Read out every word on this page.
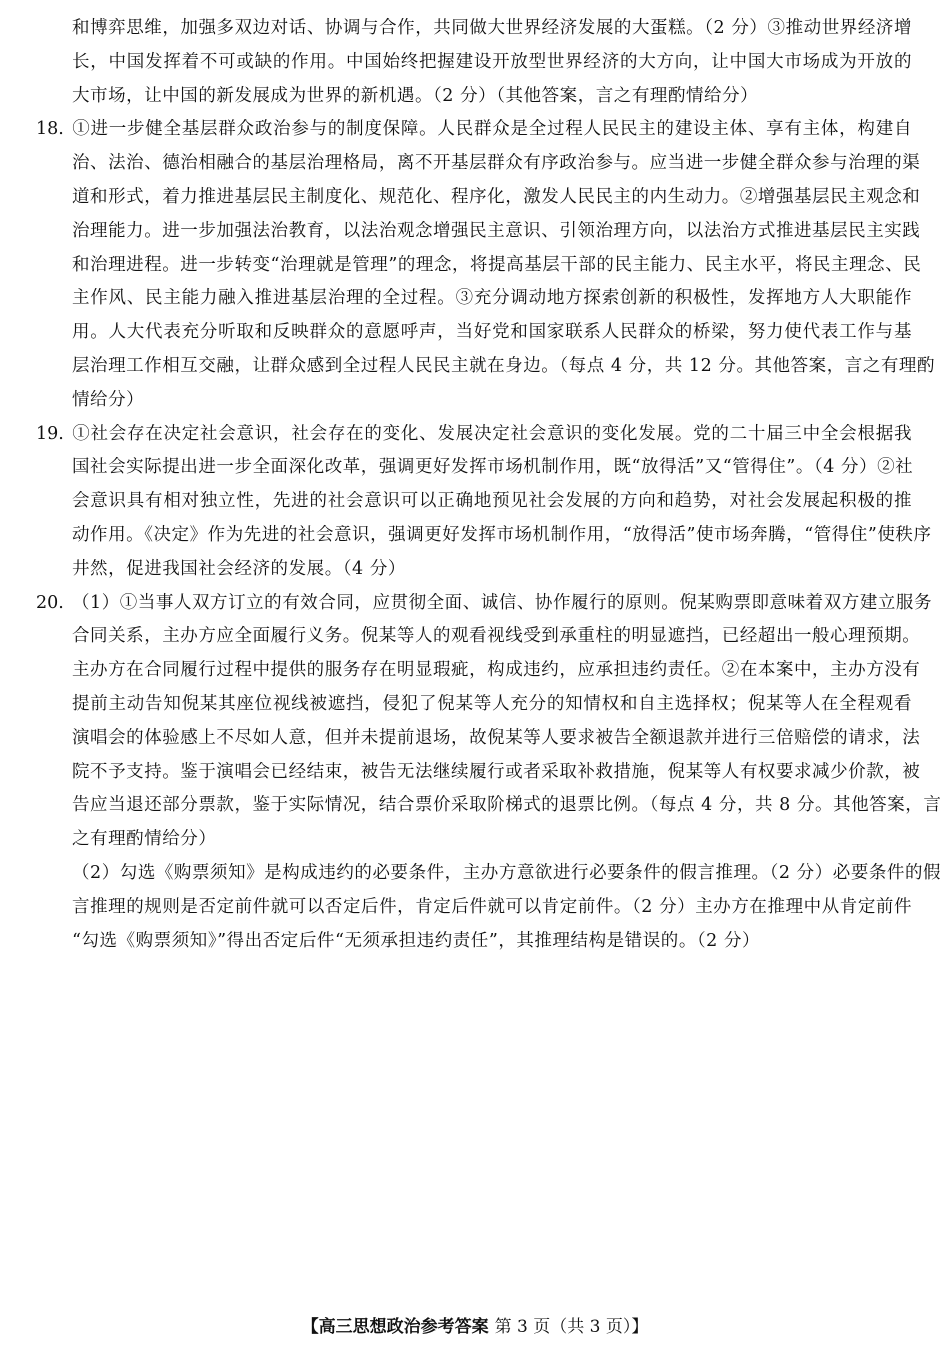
和博弈思维，加强多双边对话、协调与合作，共同做大世界经济发展的大蛋糕。（2 分）③推动世界经济增
长，中国发挥着不可或缺的作用。中国始终把握建设开放型世界经济的大方向，让中国大市场成为开放的
大市场，让中国的新发展成为世界的新机遇。（2 分）（其他答案，言之有理酌情给分）
18. ①进一步健全基层群众政治参与的制度保障。人民群众是全过程人民民主的建设主体、享有主体，构建自
治、法治、德治相融合的基层治理格局，离不开基层群众有序政治参与。应当进一步健全群众参与治理的渠
道和形式，着力推进基层民主制度化、规范化、程序化，激发人民民主的内生动力。②增强基层民主观念和
治理能力。进一步加强法治教育，以法治观念增强民主意识、引领治理方向，以法治方式推进基层民主实践
和治理进程。进一步转变“治理就是管理”的理念，将提高基层干部的民主能力、民主水平，将民主理念、民
主作风、民主能力融入推进基层治理的全过程。③充分调动地方探索创新的积极性，发挥地方人大职能作
用。人大代表充分听取和反映群众的意愿呼声，当好党和国家联系人民群众的桥梁，努力使代表工作与基
层治理工作相互交融，让群众感到全过程人民民主就在身边。（每点 4 分，共 12 分。其他答案，言之有理酌
情给分）
19. ①社会存在决定社会意识，社会存在的变化、发展决定社会意识的变化发展。党的二十届三中全会根据我
国社会实际提出进一步全面深化改革，强调更好发挥市场机制作用，既“放得活”又“管得住”。（4 分）②社
会意识具有相对独立性，先进的社会意识可以正确地预见社会发展的方向和趋势，对社会发展起积极的推
动作用。《决定》作为先进的社会意识，强调更好发挥市场机制作用，“放得活”使市场奔腾，“管得住”使秩序
井然，促进我国社会经济的发展。（4 分）
20. （1）①当事人双方订立的有效合同，应贯彻全面、诚信、协作履行的原则。倪某购票即意味着双方建立服务
合同关系，主办方应全面履行义务。倪某等人的观看视线受到承重柱的明显遮挡，已经超出一般心理预期。
主办方在合同履行过程中提供的服务存在明显瑕疵，构成违约，应承担违约责任。②在本案中，主办方没有
提前主动告知倪某其座位视线被遮挡，侵犯了倪某等人充分的知情权和自主选择权；倪某等人在全程观看
演唱会的体验感上不尽如人意，但并未提前退场，故倪某等人要求被告全额退款并进行三倍赔偿的请求，法
院不予支持。鉴于演唱会已经结束，被告无法继续履行或者采取补救措施，倪某等人有权要求减少价款，被
告应当退还部分票款，鉴于实际情况，结合票价采取阶梯式的退票比例。（每点 4 分，共 8 分。其他答案，言
之有理酌情给分）
（2）勾选《购票须知》是构成违约的必要条件，主办方意欲进行必要条件的假言推理。（2 分）必要条件的假
言推理的规则是否定前件就可以否定后件，肯定后件就可以肯定前件。（2 分）主办方在推理中从肯定前件
“勾选《购票须知》”得出否定后件“无须承担违约责任”，其推理结构是错误的。（2 分）
【高三思想政治参考答案 第 3 页（共 3 页）】
